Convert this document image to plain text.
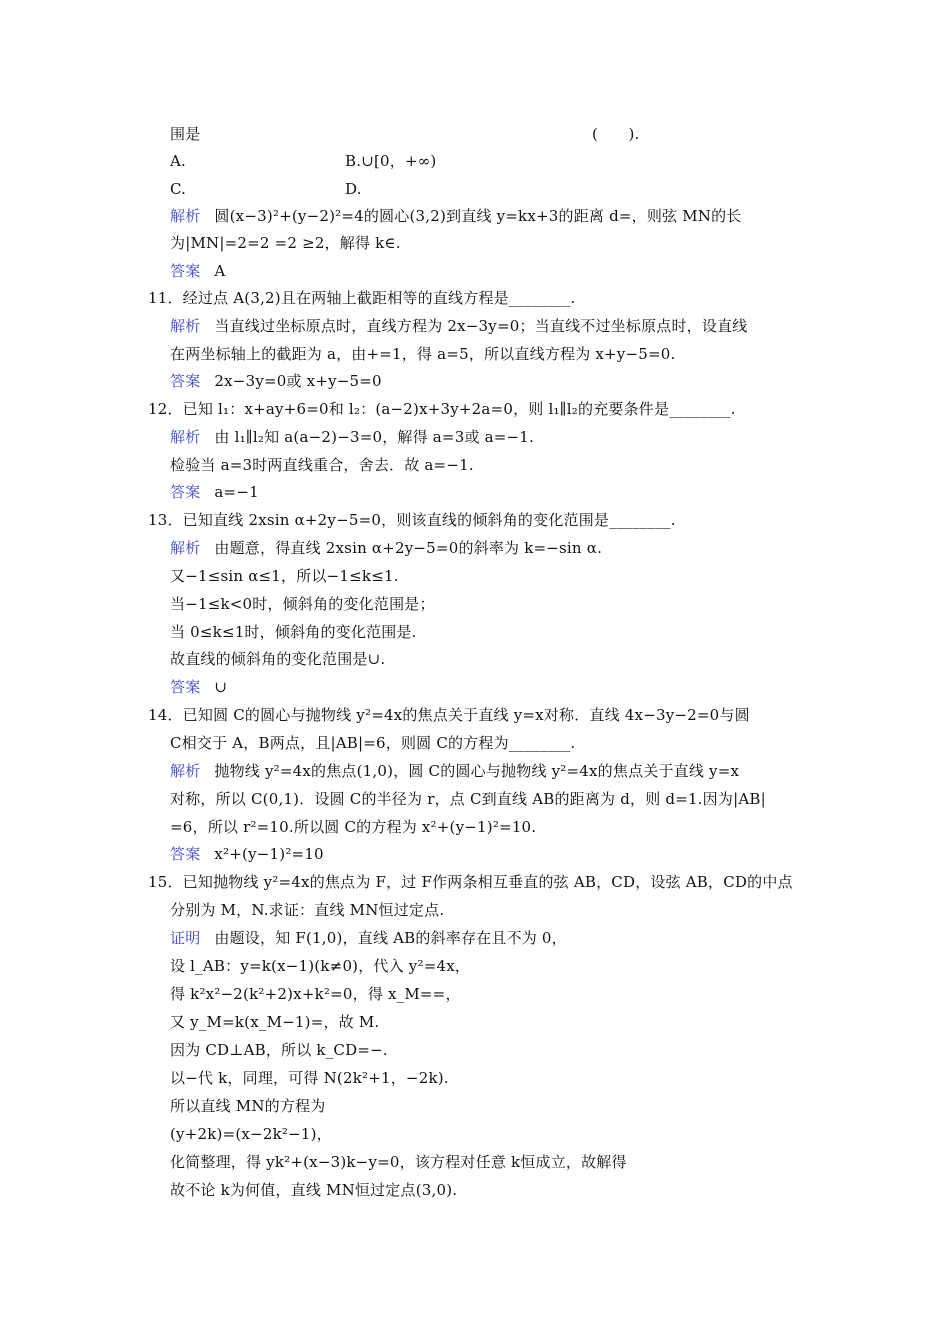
围是	(　　).
A.	B.∪[0，+∞)
C.	D.
解析 圆(x−3)²+(y−2)²=4的圆心(3,2)到直线 y=kx+3的距离 d=，则弦 MN的长
为|MN|=2=2 =2 ≥2，解得 k∈.
答案 A
11．经过点 A(3,2)且在两轴上截距相等的直线方程是________.
解析 当直线过坐标原点时，直线方程为 2x−3y=0；当直线不过坐标原点时，设直线
在两坐标轴上的截距为 a，由+=1，得 a=5，所以直线方程为 x+y−5=0.
答案 2x−3y=0或 x+y−5=0
12．已知 l₁：x+ay+6=0和 l₂：(a−2)x+3y+2a=0，则 l₁∥l₂的充要条件是________.
解析 由 l₁∥l₂知 a(a−2)−3=0，解得 a=3或 a=−1.
检验当 a=3时两直线重合，舍去．故 a=−1.
答案 a=−1
13．已知直线 2xsin α+2y−5=0，则该直线的倾斜角的变化范围是________.
解析 由题意，得直线 2xsin α+2y−5=0的斜率为 k=−sin α.
又−1≤sin α≤1，所以−1≤k≤1.
当−1≤k<0时，倾斜角的变化范围是；
当 0≤k≤1时，倾斜角的变化范围是.
故直线的倾斜角的变化范围是∪.
答案 ∪
14．已知圆 C的圆心与抛物线 y²=4x的焦点关于直线 y=x对称．直线 4x−3y−2=0与圆
C相交于 A，B两点，且|AB|=6，则圆 C的方程为________.
解析 抛物线 y²=4x的焦点(1,0)，圆 C的圆心与抛物线 y²=4x的焦点关于直线 y=x
对称，所以 C(0,1)．设圆 C的半径为 r，点 C到直线 AB的距离为 d，则 d=1.因为|AB|
=6，所以 r²=10.所以圆 C的方程为 x²+(y−1)²=10.
答案 x²+(y−1)²=10
15．已知抛物线 y²=4x的焦点为 F，过 F作两条相互垂直的弦 AB，CD，设弦 AB，CD的中点
分别为 M，N.求证：直线 MN恒过定点.
证明 由题设，知 F(1,0)，直线 AB的斜率存在且不为 0，
设 l_AB：y=k(x−1)(k≠0)，代入 y²=4x，
得 k²x²−2(k²+2)x+k²=0，得 x_M==，
又 y_M=k(x_M−1)=，故 M.
因为 CD⊥AB，所以 k_CD=−.
以−代 k，同理，可得 N(2k²+1，−2k).
所以直线 MN的方程为
(y+2k)=(x−2k²−1)，
化简整理，得 yk²+(x−3)k−y=0，该方程对任意 k恒成立，故解得
故不论 k为何值，直线 MN恒过定点(3,0).
